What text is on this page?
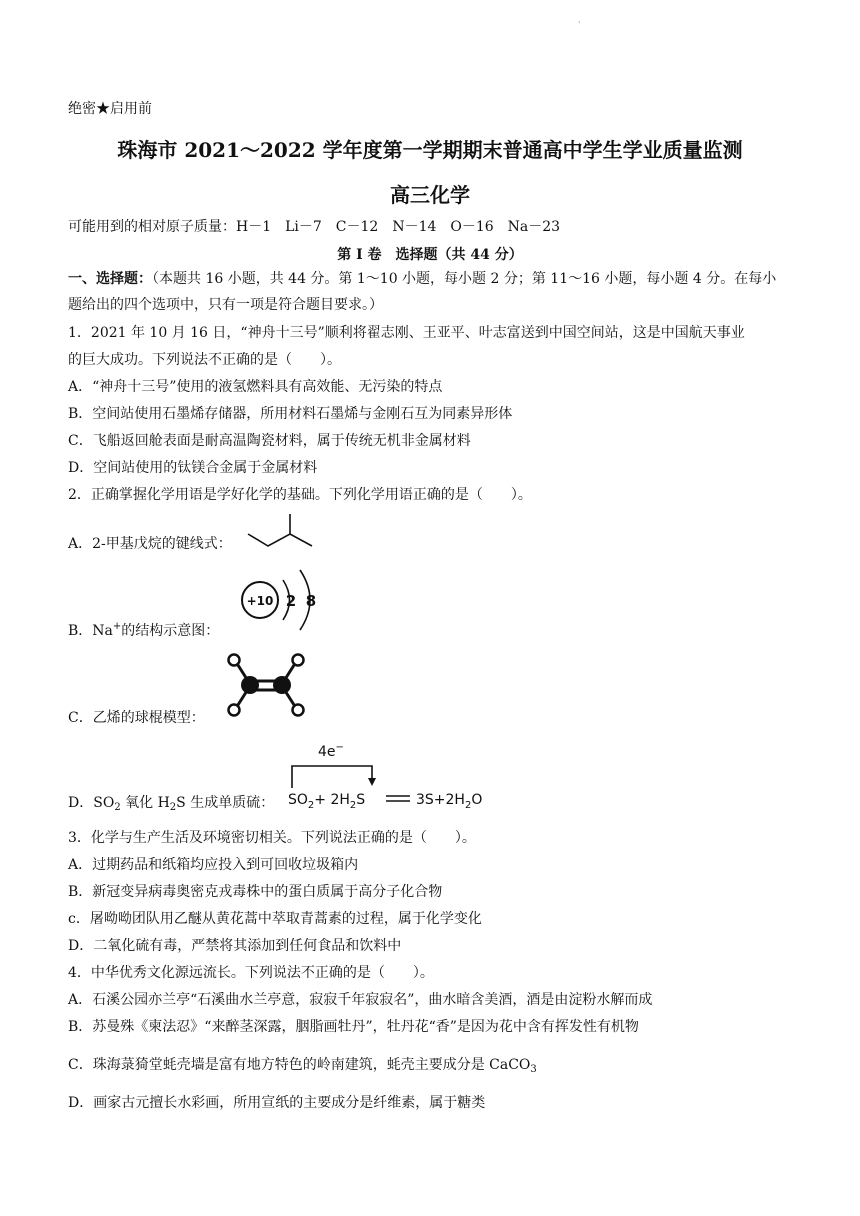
·
绝密★启用前
珠海市 2021～2022 学年度第一学期期末普通高中学生学业质量监测
高三化学
可能用到的相对原子质量：H－1　Li－7　C－12　N－14　O－16　Na－23
第 I 卷　选择题（共 44 分）
一、选择题：（本题共 16 小题，共 44 分。第 1～10 小题，每小题 2 分；第 11～16 小题，每小题 4 分。在每小
题给出的四个选项中，只有一项是符合题目要求。）
1．2021 年 10 月 16 日，“神舟十三号”顺利将翟志刚、王亚平、叶志富送到中国空间站，这是中国航天事业
的巨大成功。下列说法不正确的是（　　）。
A．“神舟十三号”使用的液氢燃料具有高效能、无污染的特点
B．空间站使用石墨烯存储器，所用材料石墨烯与金刚石互为同素异形体
C．飞船返回舱表面是耐高温陶瓷材料，属于传统无机非金属材料
D．空间站使用的钛镁合金属于金属材料
2．正确掌握化学用语是学好化学的基础。下列化学用语正确的是（　　）。
A．2-甲基戊烷的键线式：
B．Na+的结构示意图：
+10 2 8
C．乙烯的球棍模型：
D．$SO_2$ 氧化 $H_2S$ 生成单质硫：
4e−
$SO_2+ 2H_2S$	$3S+2H_2O$
3．化学与生产生活及环境密切相关。下列说法正确的是（　　）。
A．过期药品和纸箱均应投入到可回收垃圾箱内
B．新冠变异病毒奥密克戎毒株中的蛋白质属于高分子化合物
c．屠呦呦团队用乙醚从黄花蒿中萃取青蒿素的过程，属于化学变化
D．二氧化硫有毒，严禁将其添加到任何食品和饮料中
4．中华优秀文化源远流长。下列说法不正确的是（　　）。
A．石溪公园亦兰亭“石溪曲水兰亭意，寂寂千年寂寂名”，曲水暗含美酒，酒是由淀粉水解而成
B．苏曼殊《柬法忍》“来醉茎深露，胭脂画牡丹”，牡丹花“香”是因为花中含有挥发性有机物
C．珠海菉猗堂蚝壳墙是富有地方特色的岭南建筑，蚝壳主要成分是 CaCO$_3$
D．画家古元擅长水彩画，所用宣纸的主要成分是纤维素，属于糖类
